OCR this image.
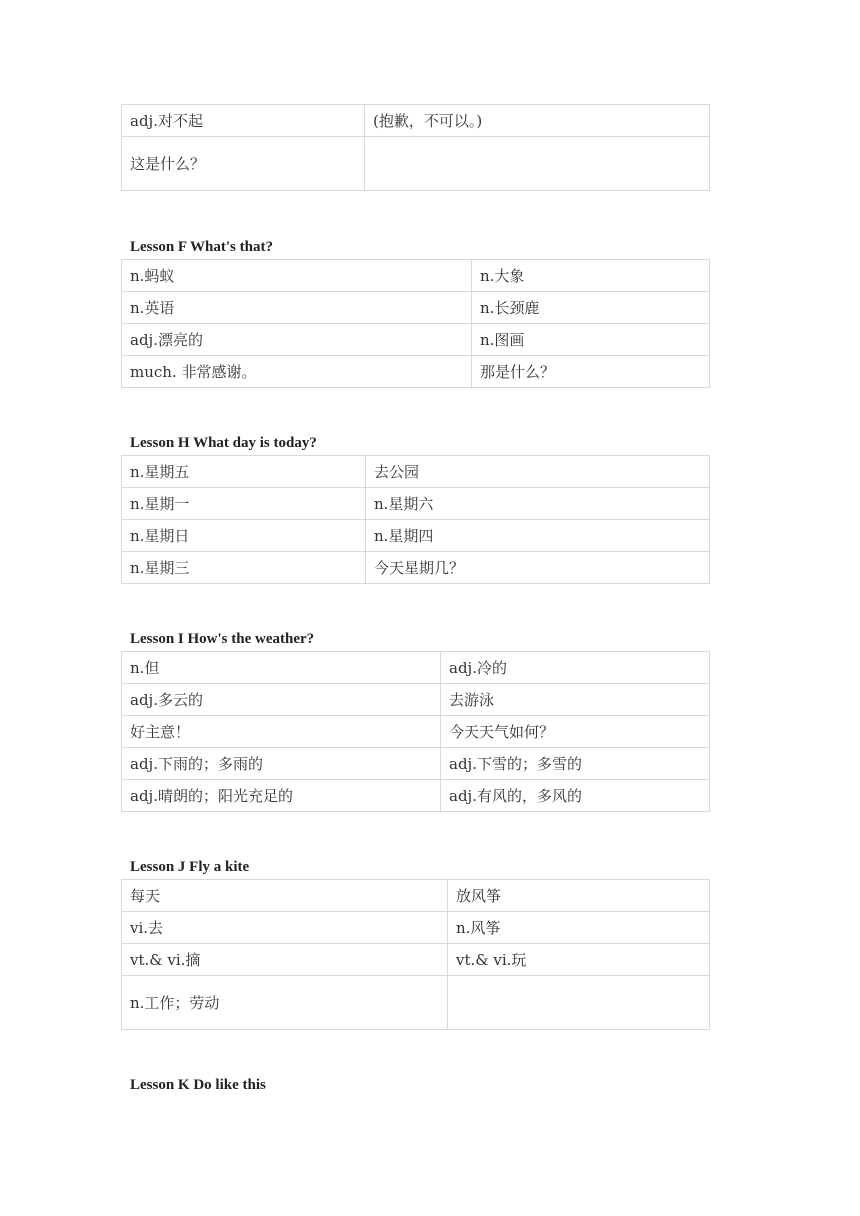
adj.对不起	(抱歉，不可以。)
这是什么？	
Lesson F What's that?
n.蚂蚁	n.大象
n.英语	n.长颈鹿
adj.漂亮的	n.图画
much. 非常感谢。	那是什么？
Lesson H What day is today?
n.星期五	去公园
n.星期一	n.星期六
n.星期日	n.星期四
n.星期三	今天星期几？
Lesson I How's the weather?
n.但	adj.冷的
adj.多云的	去游泳
好主意！	今天天气如何？
adj.下雨的；多雨的	adj.下雪的；多雪的
adj.晴朗的；阳光充足的	adj.有风的，多风的
Lesson J Fly a kite
每天	放风筝
vi.去	n.风筝
vt.& vi.摘	vt.& vi.玩
n.工作；劳动	
Lesson K Do like this
